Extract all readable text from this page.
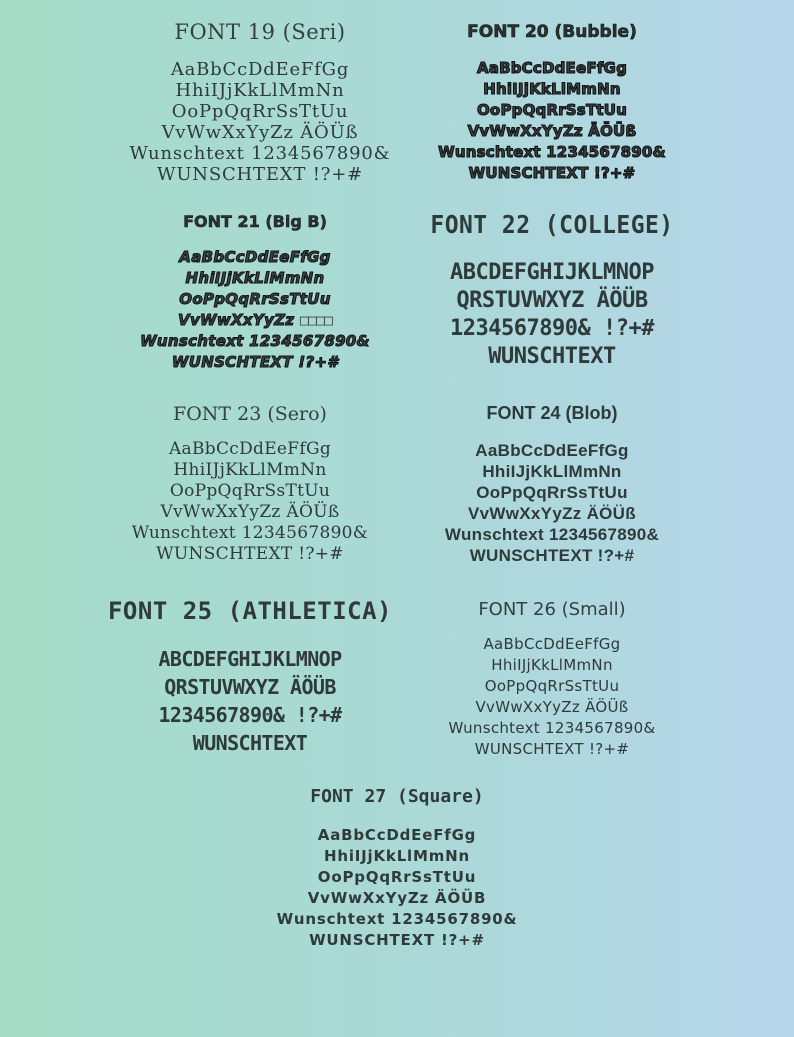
FONT 19 (Seri)
AaBbCcDdEeFfGg
HhiIJjKkLlMmNn
OoPpQqRrSsTtUu
VvWwXxYyZz ÄÖÜß
Wunschtext 1234567890&
WUNSCHTEXT !?+#
FONT 20 (Bubble)
AaBbCcDdEeFfGg
HhiIJjKkLlMmNn
OoPpQqRrSsTtUu
VvWwXxYyZz ÄÖÜß
Wunschtext 1234567890&
WUNSCHTEXT !?+#
FONT 21 (Big B)
AaBbCcDdEeFfGg
HhiIJjKkLlMmNn
OoPpQqRrSsTtUu
VvWwXxYyZz □□□□
Wunschtext 1234567890&
WUNSCHTEXT !?+#
FONT 22 (COLLEGE)
ABCDEFGHIJKLMNOP
QRSTUVWXYZ ÄÖÜB
1234567890& !?+#
WUNSCHTEXT
FONT 23 (Sero)
AaBbCcDdEeFfGg
HhiIJjKkLlMmNn
OoPpQqRrSsTtUu
VvWwXxYyZz ÄÖÜß
Wunschtext 1234567890&
WUNSCHTEXT !?+#
FONT 24 (Blob)
AaBbCcDdEeFfGg
HhiIJjKkLlMmNn
OoPpQqRrSsTtUu
VvWwXxYyZz ÄÖÜß
Wunschtext 1234567890&
WUNSCHTEXT !?+#
FONT 25 (ATHLETICA)
ABCDEFGHIJKLMNOP
QRSTUVWXYZ ÄÖÜB
1234567890& !?+#
WUNSCHTEXT
FONT 26 (Small)
AaBbCcDdEeFfGg
HhiIJjKkLlMmNn
OoPpQqRrSsTtUu
VvWwXxYyZz ÄÖÜß
Wunschtext 1234567890&
WUNSCHTEXT !?+#
FONT 27 (Square)
AaBbCcDdEeFfGg
HhiIJjKkLlMmNn
OoPpQqRrSsTtUu
VvWwXxYyZz ÄÖÜB
Wunschtext 1234567890&
WUNSCHTEXT !?+#
